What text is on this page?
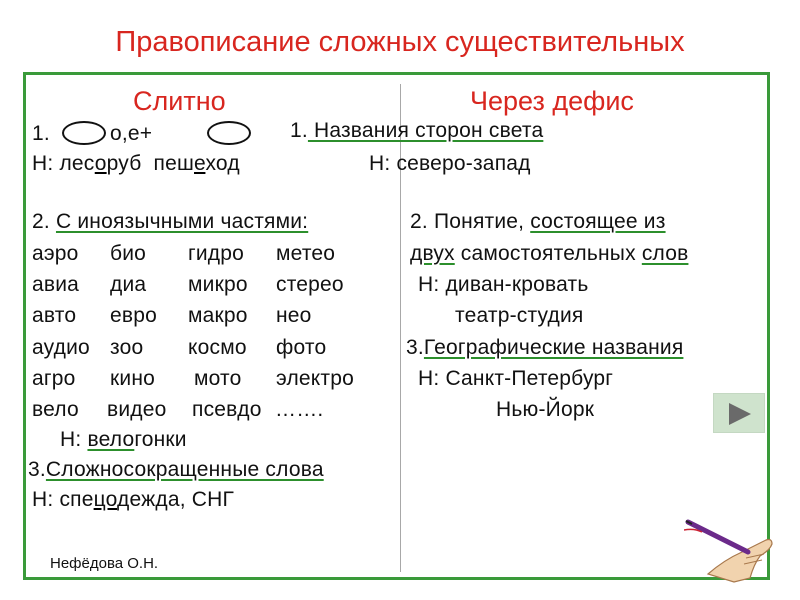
Правописание сложных существительных
Слитно
1.	о,е+
Н: лесоруб пешеход
2. С иноязычными частями:
аэро био гидро метео
авиа диа микро стерео
авто евро макро нео
аудио зоо космо фото
агро кино мото электро
вело видео псевдо …….
Н: велогонки
3.Сложносокращенные слова
Н: спецодежда, СНГ
Через дефис
1. Названия сторон света
Н: северо-запад
2. Понятие, состоящее из
двух самостоятельных слов
Н: диван-кровать
театр-студия
3.Географические названия
Н: Санкт-Петербург
Нью-Йорк
Нефёдова О.Н.
